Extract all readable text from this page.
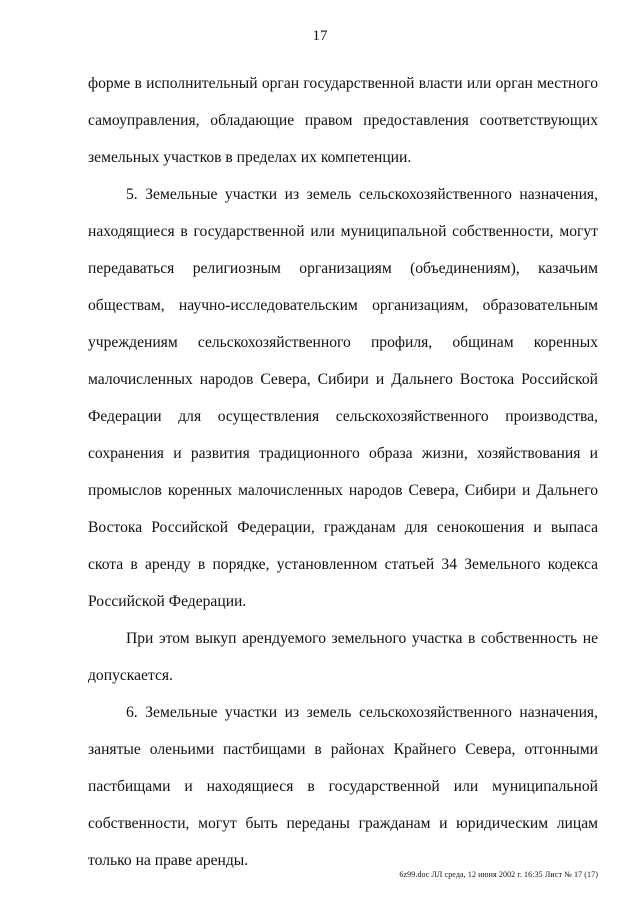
17

форме в исполнительный орган государственной власти или орган местного самоуправления, обладающие правом предоставления соответствующих земельных участков в пределах их компетенции.

5. Земельные участки из земель сельскохозяйственного назначения, находящиеся в государственной или муниципальной собственности, могут передаваться религиозным организациям (объединениям), казачьим обществам, научно-исследовательским организациям, образовательным учреждениям сельскохозяйственного профиля, общинам коренных малочисленных народов Севера, Сибири и Дальнего Востока Российской Федерации для осуществления сельскохозяйственного производства, сохранения и развития традиционного образа жизни, хозяйствования и промыслов коренных малочисленных народов Севера, Сибири и Дальнего Востока Российской Федерации, гражданам для сенокошения и выпаса скота в аренду в порядке, установленном статьей 34 Земельного кодекса Российской Федерации.

При этом выкуп арендуемого земельного участка в собственность не допускается.

6. Земельные участки из земель сельскохозяйственного назначения, занятые оленьими пастбищами в районах Крайнего Севера, отгонными пастбищами и находящиеся в государственной или муниципальной собственности, могут быть переданы гражданам и юридическим лицам только на праве аренды.

6z99.doc ЛЛ среда, 12 июня 2002 г. 16:35 Лист № 17 (17)
